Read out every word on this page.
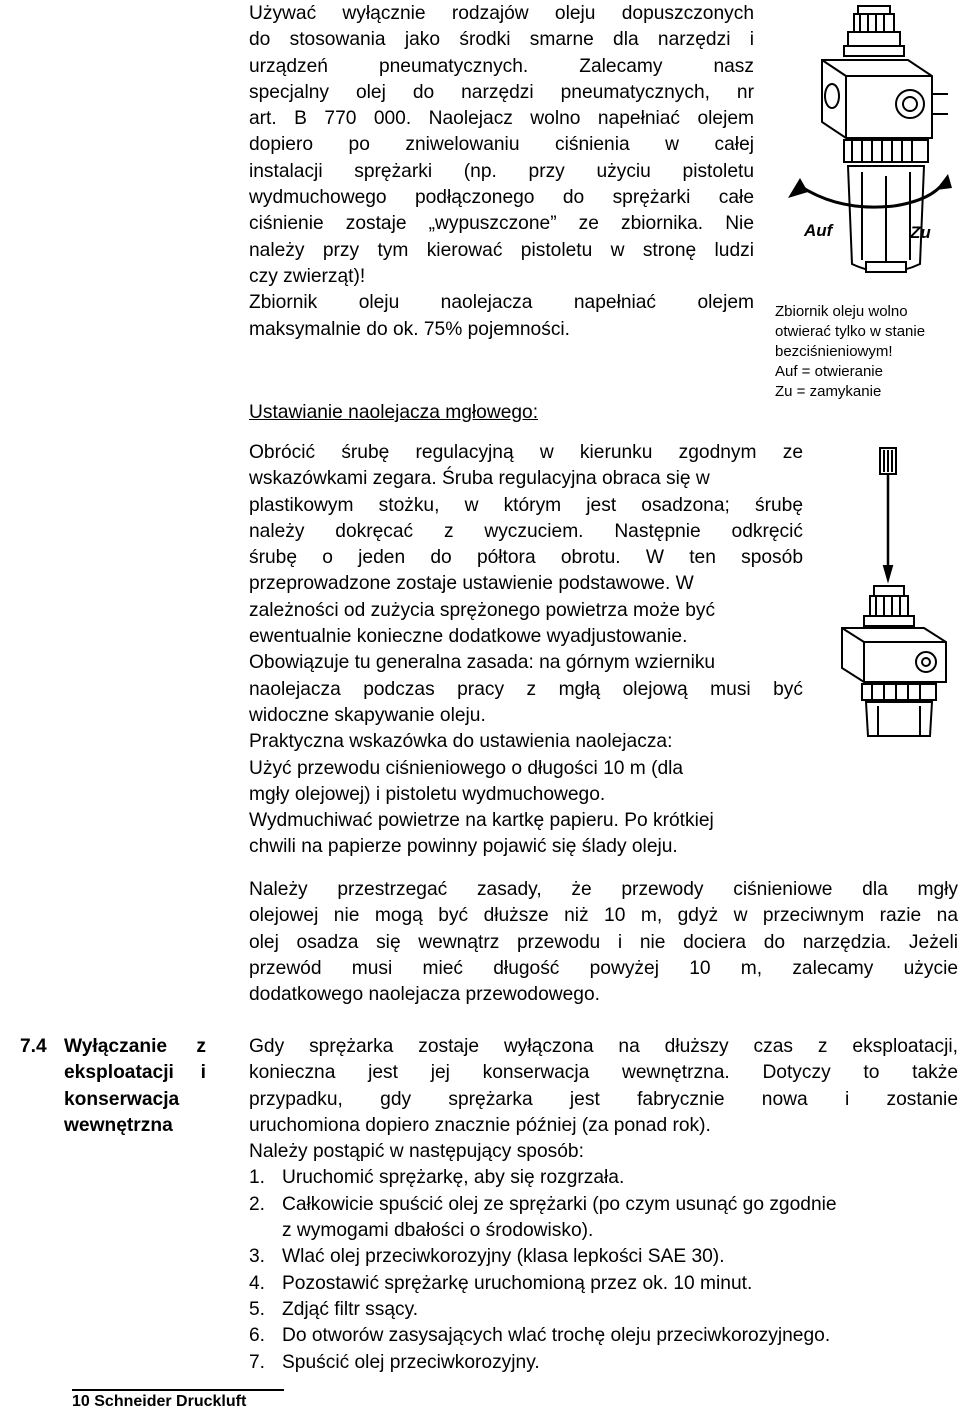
Używać wyłącznie rodzajów oleju dopuszczonych
do stosowania jako środki smarne dla narzędzi i
urządzeń pneumatycznych. Zalecamy nasz
specjalny olej do narzędzi pneumatycznych, nr
art. B 770 000. Naolejacz wolno napełniać olejem
dopiero po zniwelowaniu ciśnienia w całej
instalacji sprężarki (np. przy użyciu pistoletu
wydmuchowego podłączonego do sprężarki całe
ciśnienie zostaje „wypuszczone” ze zbiornika. Nie
należy przy tym kierować pistoletu w stronę ludzi
czy zwierząt)!
Zbiornik oleju naolejacza napełniać olejem
maksymalnie do ok. 75% pojemności.
Auf	Zu
Zbiornik oleju wolno
otwierać tylko w stanie
bezciśnieniowym!
Auf = otwieranie
Zu = zamykanie
Ustawianie naolejacza mgłowego:
Obrócić śrubę regulacyjną w kierunku zgodnym ze
wskazówkami zegara. Śruba regulacyjna obraca się w
plastikowym stożku, w którym jest osadzona; śrubę
należy dokręcać z wyczuciem. Następnie odkręcić
śrubę o jeden do półtora obrotu. W ten sposób
przeprowadzone zostaje ustawienie podstawowe. W
zależności od zużycia sprężonego powietrza może być
ewentualnie konieczne dodatkowe wyadjustowanie.
Obowiązuje tu generalna zasada: na górnym wzierniku
naolejacza podczas pracy z mgłą olejową musi być
widoczne skapywanie oleju.
Praktyczna wskazówka do ustawienia naolejacza:
Użyć przewodu ciśnieniowego o długości 10 m (dla
mgły olejowej) i pistoletu wydmuchowego.
Wydmuchiwać powietrze na kartkę papieru. Po krótkiej
chwili na papierze powinny pojawić się ślady oleju.
Należy przestrzegać zasady, że przewody ciśnieniowe dla mgły
olejowej nie mogą być dłuższe niż 10 m, gdyż w przeciwnym razie na
olej osadza się wewnątrz przewodu i nie dociera do narzędzia. Jeżeli
przewód musi mieć długość powyżej 10 m, zalecamy użycie
dodatkowego naolejacza przewodowego.
7.4 Wyłączanie z
eksploatacji i
konserwacja
wewnętrzna
Gdy sprężarka zostaje wyłączona na dłuższy czas z eksploatacji,
konieczna jest jej konserwacja wewnętrzna. Dotyczy to także
przypadku, gdy sprężarka jest fabrycznie nowa i zostanie
uruchomiona dopiero znacznie później (za ponad rok).
Należy postąpić w następujący sposób:
1. Uruchomić sprężarkę, aby się rozgrzała.
2. Całkowicie spuścić olej ze sprężarki (po czym usunąć go zgodnie
z wymogami dbałości o środowisko).
3. Wlać olej przeciwkorozyjny (klasa lepkości SAE 30).
4. Pozostawić sprężarkę uruchomioną przez ok. 10 minut.
5. Zdjąć filtr ssący.
6. Do otworów zasysających wlać trochę oleju przeciwkorozyjnego.
7. Spuścić olej przeciwkorozyjny.
10 Schneider Druckluft
